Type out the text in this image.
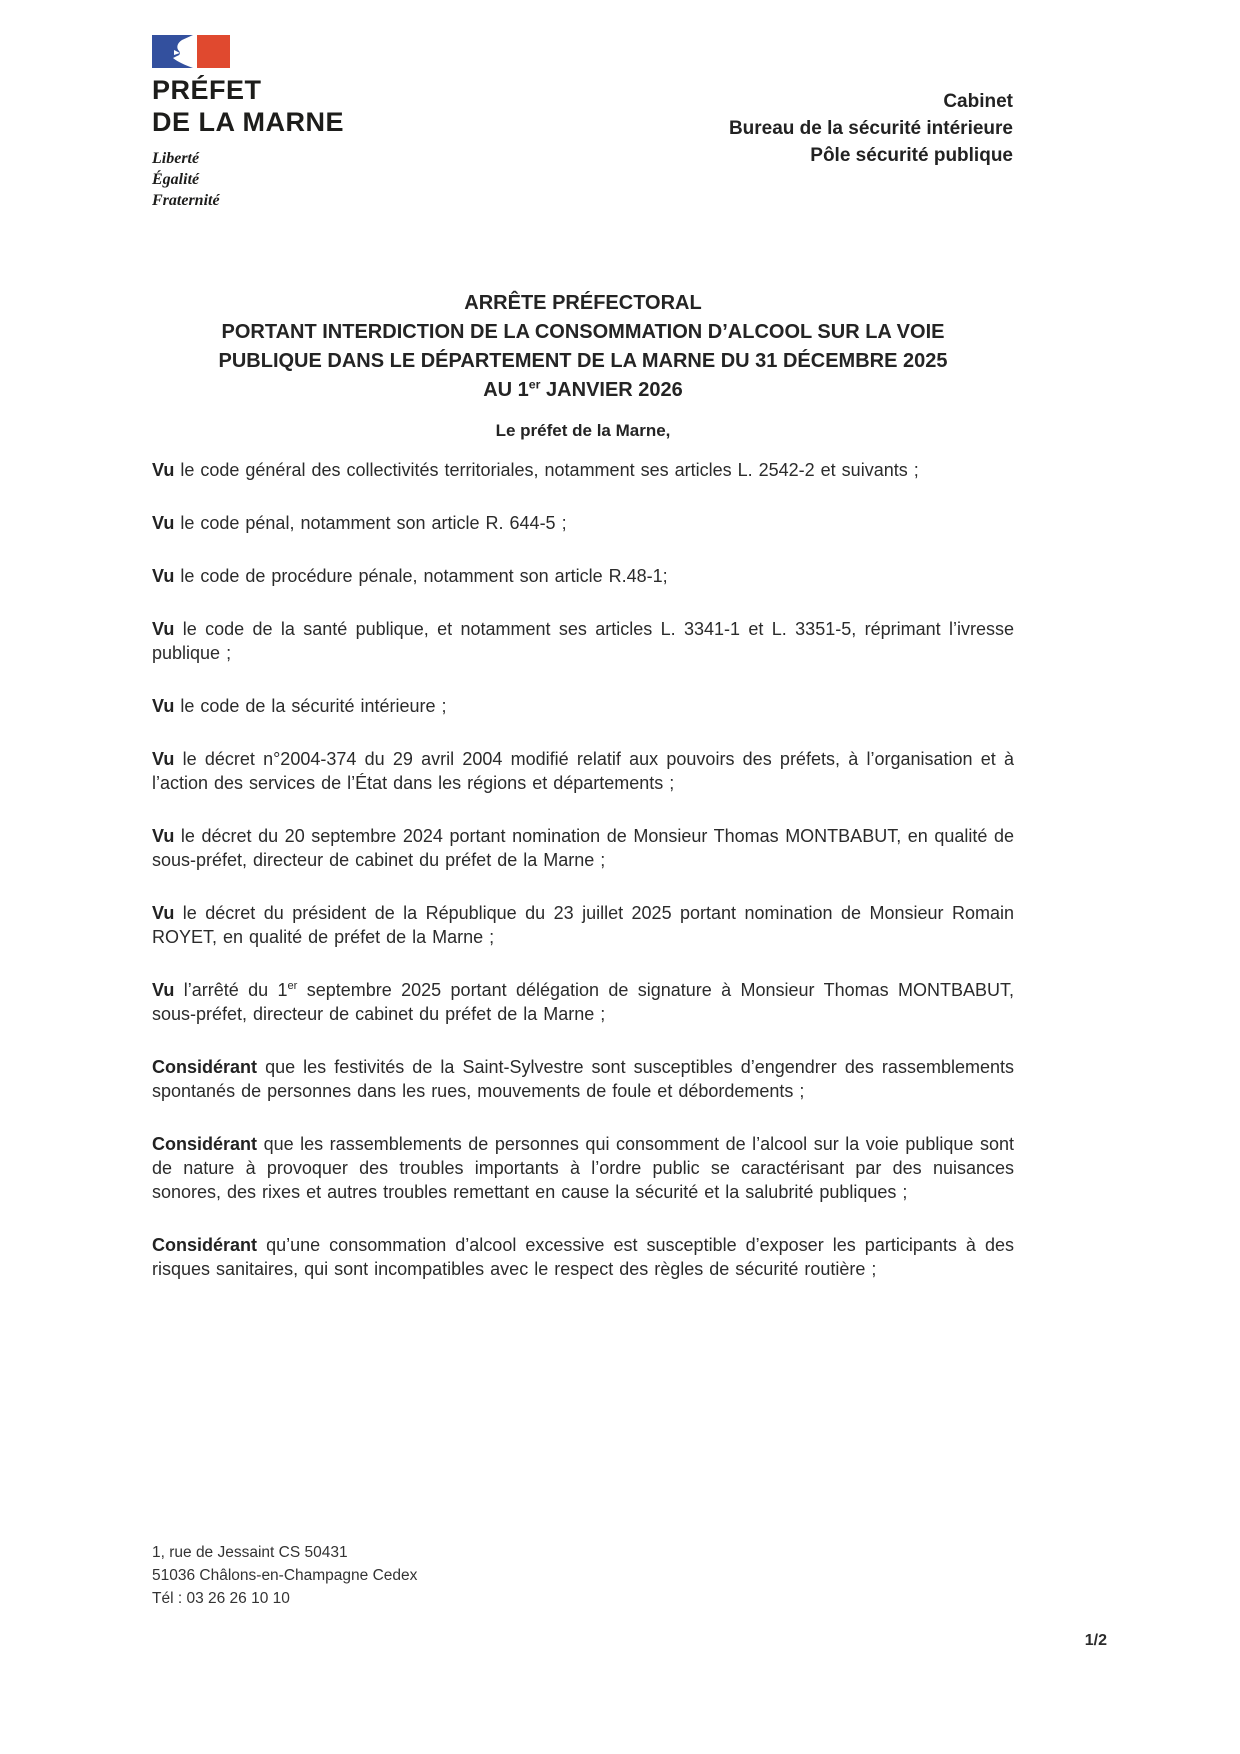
PRÉFET
DE LA MARNE
Liberté
Égalité
Fraternité
Cabinet
Bureau de la sécurité intérieure
Pôle sécurité publique
ARRÊTE PRÉFECTORAL
PORTANT INTERDICTION DE LA CONSOMMATION D’ALCOOL SUR LA VOIE
PUBLIQUE DANS LE DÉPARTEMENT DE LA MARNE DU 31 DÉCEMBRE 2025
AU 1er JANVIER 2026
Le préfet de la Marne,

Vu le code général des collectivités territoriales, notamment ses articles L. 2542-2 et suivants ;

Vu le code pénal, notamment son article R. 644-5 ;

Vu le code de procédure pénale, notamment son article R.48-1;

Vu le code de la santé publique, et notamment ses articles L. 3341-1 et L. 3351-5, réprimant l’ivresse publique ;

Vu le code de la sécurité intérieure ;

Vu le décret n°2004-374 du 29 avril 2004 modifié relatif aux pouvoirs des préfets, à l’organisation et à l’action des services de l’État dans les régions et départements ;

Vu le décret du 20 septembre 2024 portant nomination de Monsieur Thomas MONTBABUT, en qualité de sous-préfet, directeur de cabinet du préfet de la Marne ;

Vu le décret du président de la République du 23 juillet 2025 portant nomination de Monsieur Romain ROYET, en qualité de préfet de la Marne ;

Vu l’arrêté du 1er septembre 2025 portant délégation de signature à Monsieur Thomas MONTBABUT, sous-préfet, directeur de cabinet du préfet de la Marne ;

Considérant que les festivités de la Saint-Sylvestre sont susceptibles d’engendrer des rassemblements spontanés de personnes dans les rues, mouvements de foule et débordements ;

Considérant que les rassemblements de personnes qui consomment de l’alcool sur la voie publique sont de nature à provoquer des troubles importants à l’ordre public se caractérisant par des nuisances sonores, des rixes et autres troubles remettant en cause la sécurité et la salubrité publiques ;

Considérant qu’une consommation d’alcool excessive est susceptible d’exposer les participants à des risques sanitaires, qui sont incompatibles avec le respect des règles de sécurité routière ;

1, rue de Jessaint CS 50431
51036 Châlons-en-Champagne Cedex
Tél : 03 26 26 10 10
1/2
